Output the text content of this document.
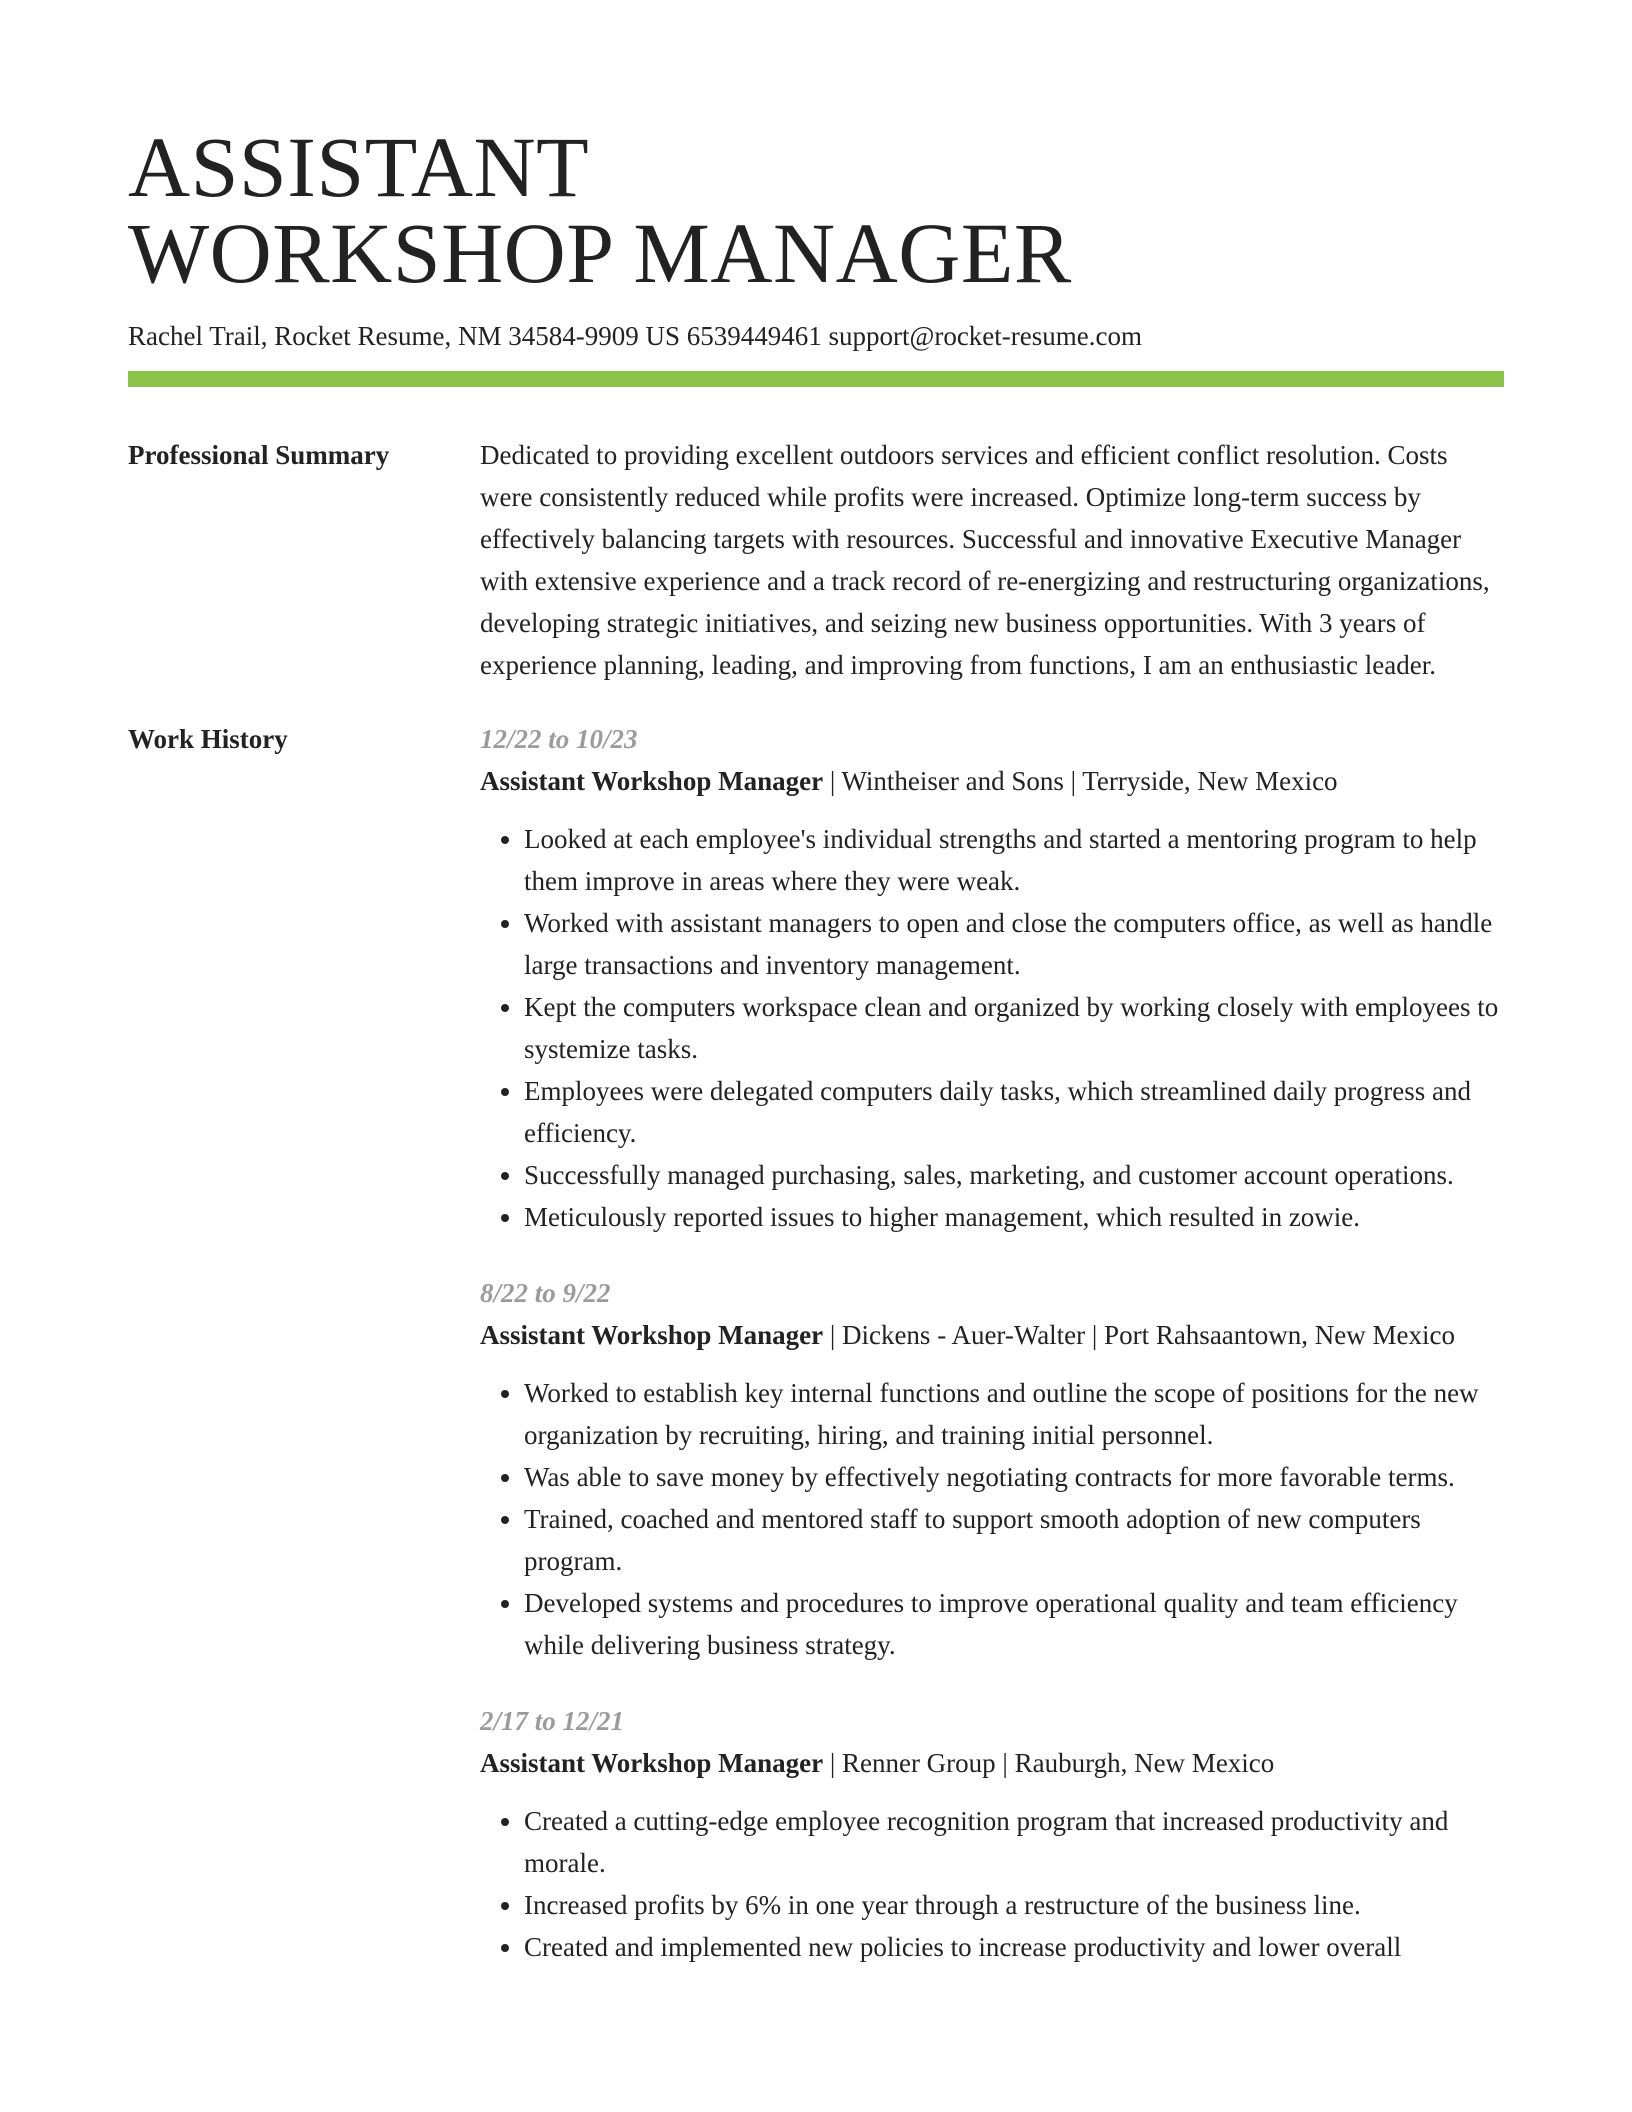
ASSISTANT
WORKSHOP MANAGER
Rachel Trail, Rocket Resume, NM 34584-9909 US 6539449461 support@rocket-resume.com
Professional Summary	Dedicated to providing excellent outdoors services and efficient conflict resolution. Costs were consistently reduced while profits were increased. Optimize long-term success by effectively balancing targets with resources. Successful and innovative Executive Manager with extensive experience and a track record of re-energizing and restructuring organizations, developing strategic initiatives, and seizing new business opportunities. With 3 years of experience planning, leading, and improving from functions, I am an enthusiastic leader.

Work History	12/22 to 10/23
Assistant Workshop Manager | Wintheiser and Sons | Terryside, New Mexico
• Looked at each employee's individual strengths and started a mentoring program to help them improve in areas where they were weak.
• Worked with assistant managers to open and close the computers office, as well as handle large transactions and inventory management.
• Kept the computers workspace clean and organized by working closely with employees to systemize tasks.
• Employees were delegated computers daily tasks, which streamlined daily progress and efficiency.
• Successfully managed purchasing, sales, marketing, and customer account operations.
• Meticulously reported issues to higher management, which resulted in zowie.
8/22 to 9/22
Assistant Workshop Manager | Dickens - Auer-Walter | Port Rahsaantown, New Mexico
• Worked to establish key internal functions and outline the scope of positions for the new organization by recruiting, hiring, and training initial personnel.
• Was able to save money by effectively negotiating contracts for more favorable terms.
• Trained, coached and mentored staff to support smooth adoption of new computers program.
• Developed systems and procedures to improve operational quality and team efficiency while delivering business strategy.
2/17 to 12/21
Assistant Workshop Manager | Renner Group | Rauburgh, New Mexico
• Created a cutting-edge employee recognition program that increased productivity and morale.
• Increased profits by 6% in one year through a restructure of the business line.
• Created and implemented new policies to increase productivity and lower overall
